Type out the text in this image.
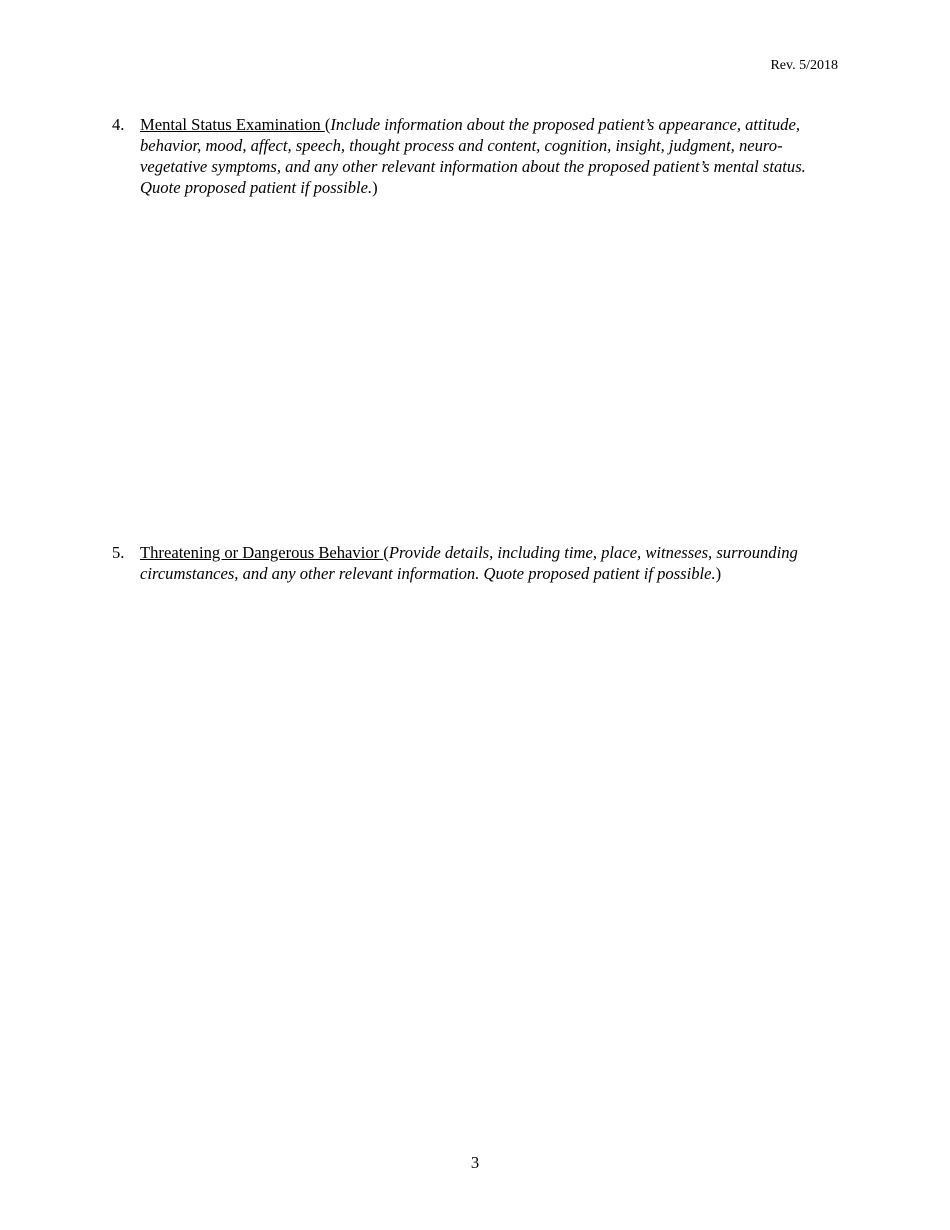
Rev. 5/2018
4. Mental Status Examination (Include information about the proposed patient’s appearance, attitude, behavior, mood, affect, speech, thought process and content, cognition, insight, judgment, neuro-vegetative symptoms, and any other relevant information about the proposed patient’s mental status. Quote proposed patient if possible.)
5. Threatening or Dangerous Behavior (Provide details, including time, place, witnesses, surrounding circumstances, and any other relevant information. Quote proposed patient if possible.)
3
